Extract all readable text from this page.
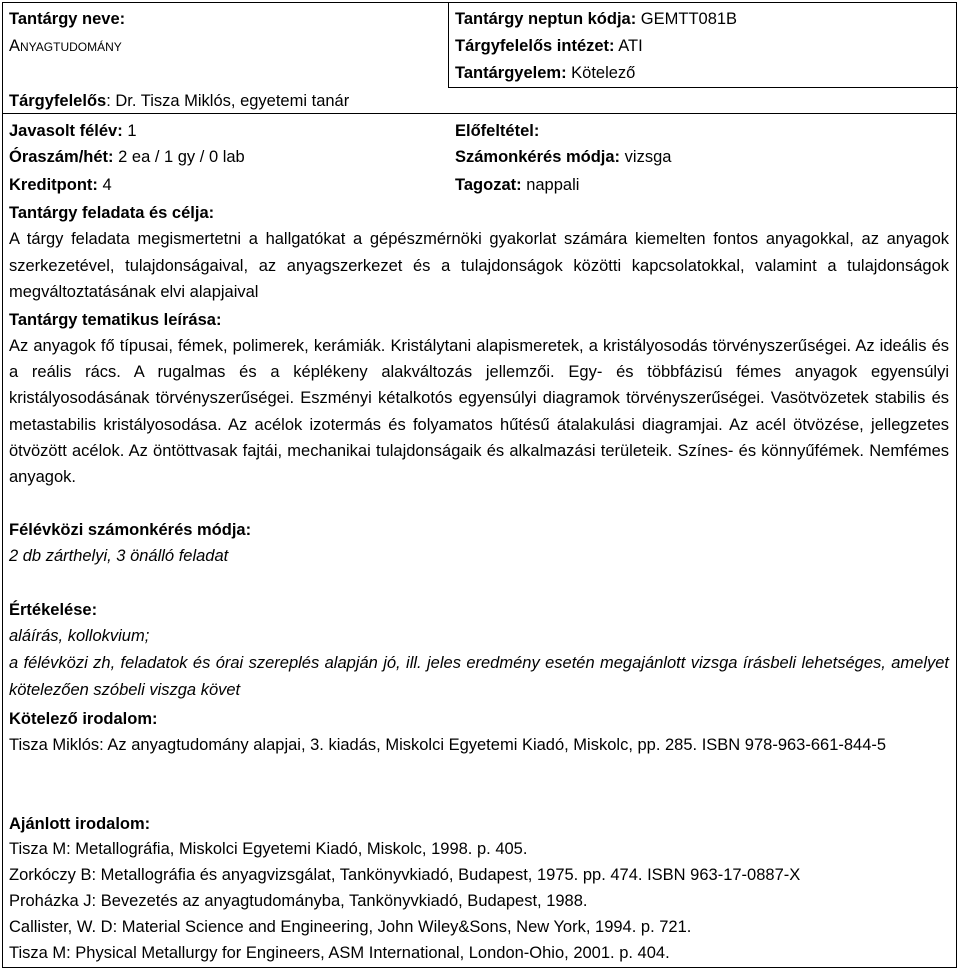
Tantárgy neve:
Anyagtudomány
Tantárgy neptun kódja: GEMTT081B
Tárgyfelelős intézet: ATI
Tantárgyelem: Kötelező
Tárgyfelelős: Dr. Tisza Miklós, egyetemi tanár
Javasolt félév: 1	Előfeltétel:
Óraszám/hét: 2 ea / 1 gy / 0 lab	Számonkérés módja: vizsga
Kreditpont: 4	Tagozat: nappali
Tantárgy feladata és célja:
A tárgy feladata megismertetni a hallgatókat a gépészmérnöki gyakorlat számára kiemelten fontos anyagokkal, az anyagok szerkezetével, tulajdonságaival, az anyagszerkezet és a tulajdonságok közötti kapcsolatokkal, valamint a tulajdonságok megváltoztatásának elvi alapjaival
Tantárgy tematikus leírása:
Az anyagok fő típusai, fémek, polimerek, kerámiák. Kristálytani alapismeretek, a kristályosodás törvényszerűségei. Az ideális és a reális rács. A rugalmas és a képlékeny alakváltozás jellemzői. Egy- és többfázisú fémes anyagok egyensúlyi kristályosodásának törvényszerűségei. Eszményi kétalkotós egyensúlyi diagramok törvényszerűségei. Vasötvözetek stabilis és metastabilis kristályosodása. Az acélok izotermás és folyamatos hűtésű átalakulási diagramjai. Az acél ötvözése, jellegzetes ötvözött acélok. Az öntöttvasak fajtái, mechanikai tulajdonságaik és alkalmazási területeik. Színes- és könnyűfémek. Nemfémes anyagok.
Félévközi számonkérés módja:
2 db zárthelyi, 3 önálló feladat
Értékelése:
aláírás, kollokvium;
a félévközi zh, feladatok és órai szereplés alapján jó, ill. jeles eredmény esetén megajánlott vizsga írásbeli lehetséges, amelyet kötelezően szóbeli viszga követ
Kötelező irodalom:
Tisza Miklós: Az anyagtudomány alapjai, 3. kiadás, Miskolci Egyetemi Kiadó, Miskolc, pp. 285. ISBN 978-963-661-844-5
Ajánlott irodalom:
Tisza M: Metallográfia, Miskolci Egyetemi Kiadó, Miskolc, 1998. p. 405.
Zorkóczy B: Metallográfia és anyagvizsgálat, Tankönyvkiadó, Budapest, 1975. pp. 474. ISBN 963-17-0887-X
Proházka J: Bevezetés az anyagtudományba, Tankönyvkiadó, Budapest, 1988.
Callister, W. D: Material Science and Engineering, John Wiley&Sons, New York, 1994. p. 721.
Tisza M: Physical Metallurgy for Engineers, ASM International, London-Ohio, 2001. p. 404.
